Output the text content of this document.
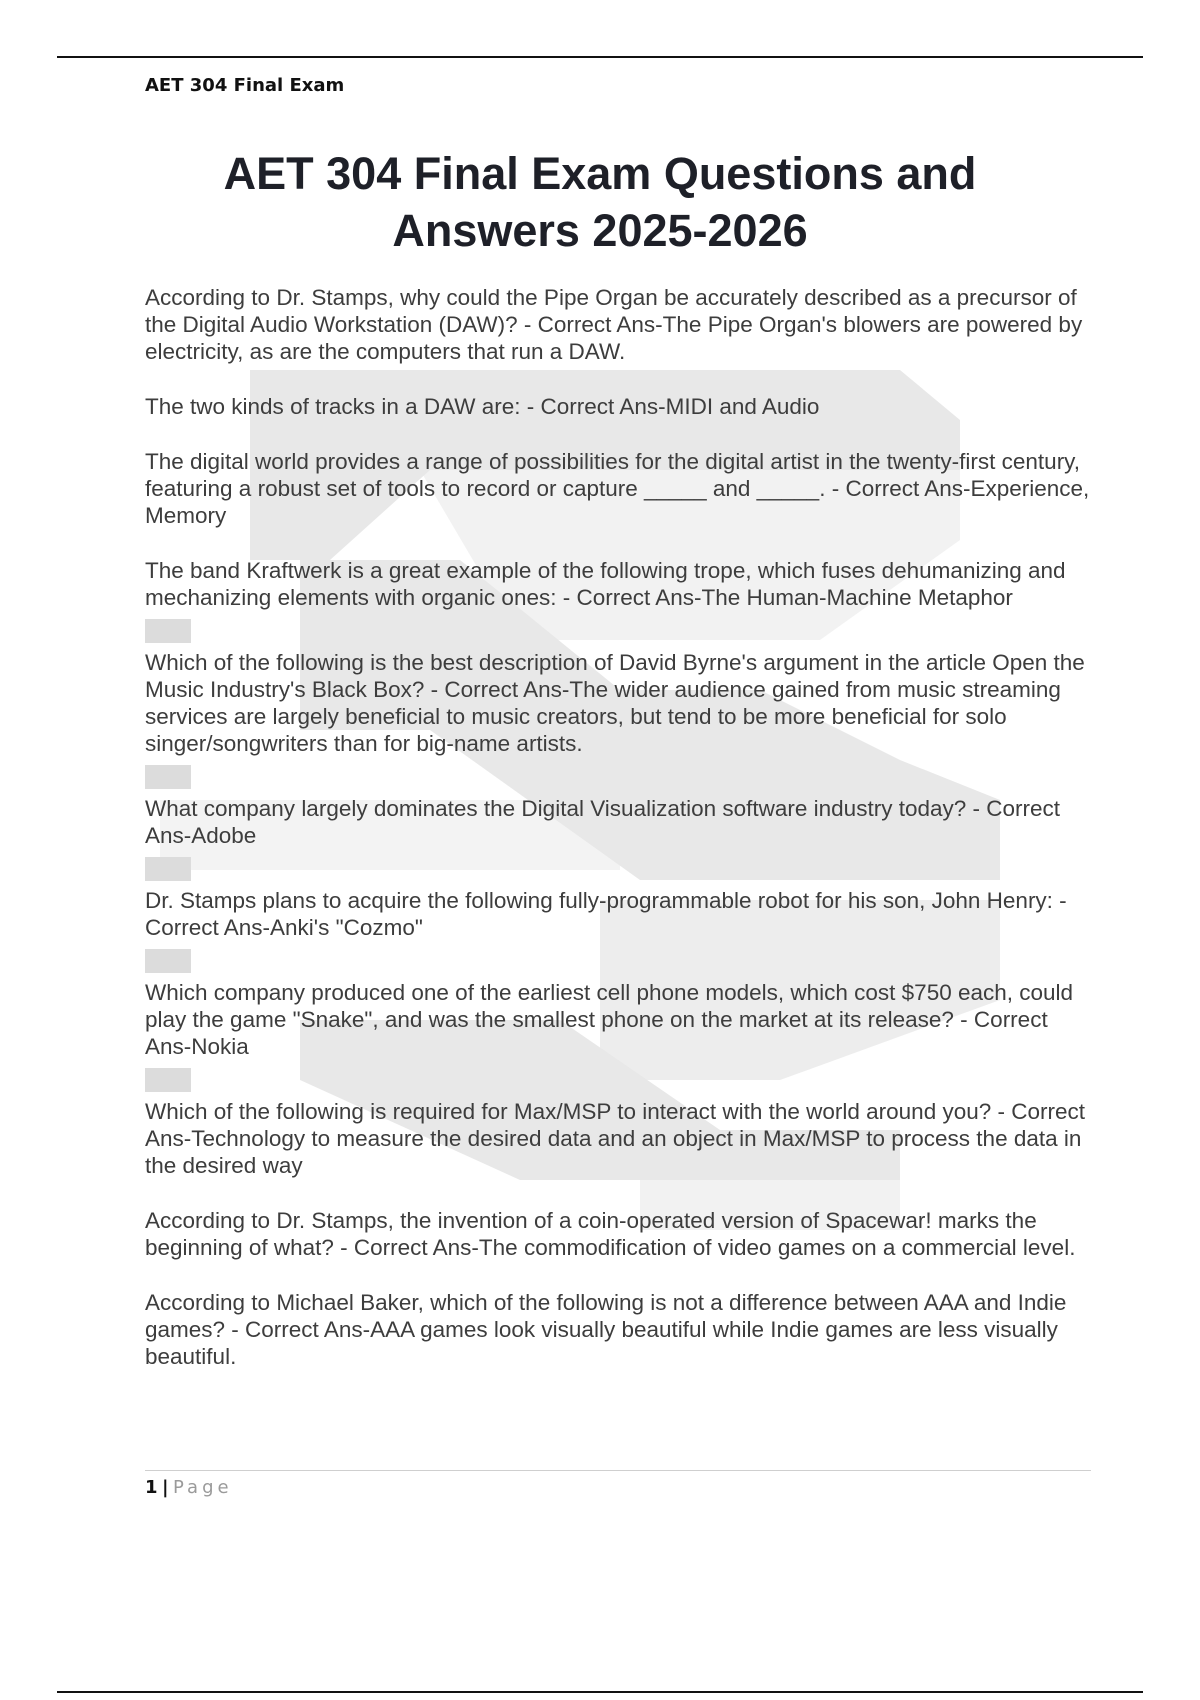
AET 304 Final Exam
AET 304 Final Exam Questions and
Answers 2025-2026

According to Dr. Stamps, why could the Pipe Organ be accurately described as a precursor of the Digital Audio Workstation (DAW)? - Correct Ans-The Pipe Organ's blowers are powered by electricity, as are the computers that run a DAW.

The two kinds of tracks in a DAW are: - Correct Ans-MIDI and Audio

The digital world provides a range of possibilities for the digital artist in the twenty-first century, featuring a robust set of tools to record or capture _____ and _____. - Correct Ans-Experience, Memory

The band Kraftwerk is a great example of the following trope, which fuses dehumanizing and mechanizing elements with organic ones: - Correct Ans-The Human-Machine Metaphor

Which of the following is the best description of David Byrne's argument in the article Open the Music Industry's Black Box? - Correct Ans-The wider audience gained from music streaming services are largely beneficial to music creators, but tend to be more beneficial for solo singer/songwriters than for big-name artists.

What company largely dominates the Digital Visualization software industry today? - Correct Ans-Adobe

Dr. Stamps plans to acquire the following fully-programmable robot for his son, John Henry: - Correct Ans-Anki's "Cozmo"

Which company produced one of the earliest cell phone models, which cost $750 each, could play the game "Snake", and was the smallest phone on the market at its release? - Correct Ans-Nokia

Which of the following is required for Max/MSP to interact with the world around you? - Correct Ans-Technology to measure the desired data and an object in Max/MSP to process the data in the desired way

According to Dr. Stamps, the invention of a coin-operated version of Spacewar! marks the beginning of what? - Correct Ans-The commodification of video games on a commercial level.

According to Michael Baker, which of the following is not a difference between AAA and Indie games? - Correct Ans-AAA games look visually beautiful while Indie games are less visually beautiful.

1 | Page
